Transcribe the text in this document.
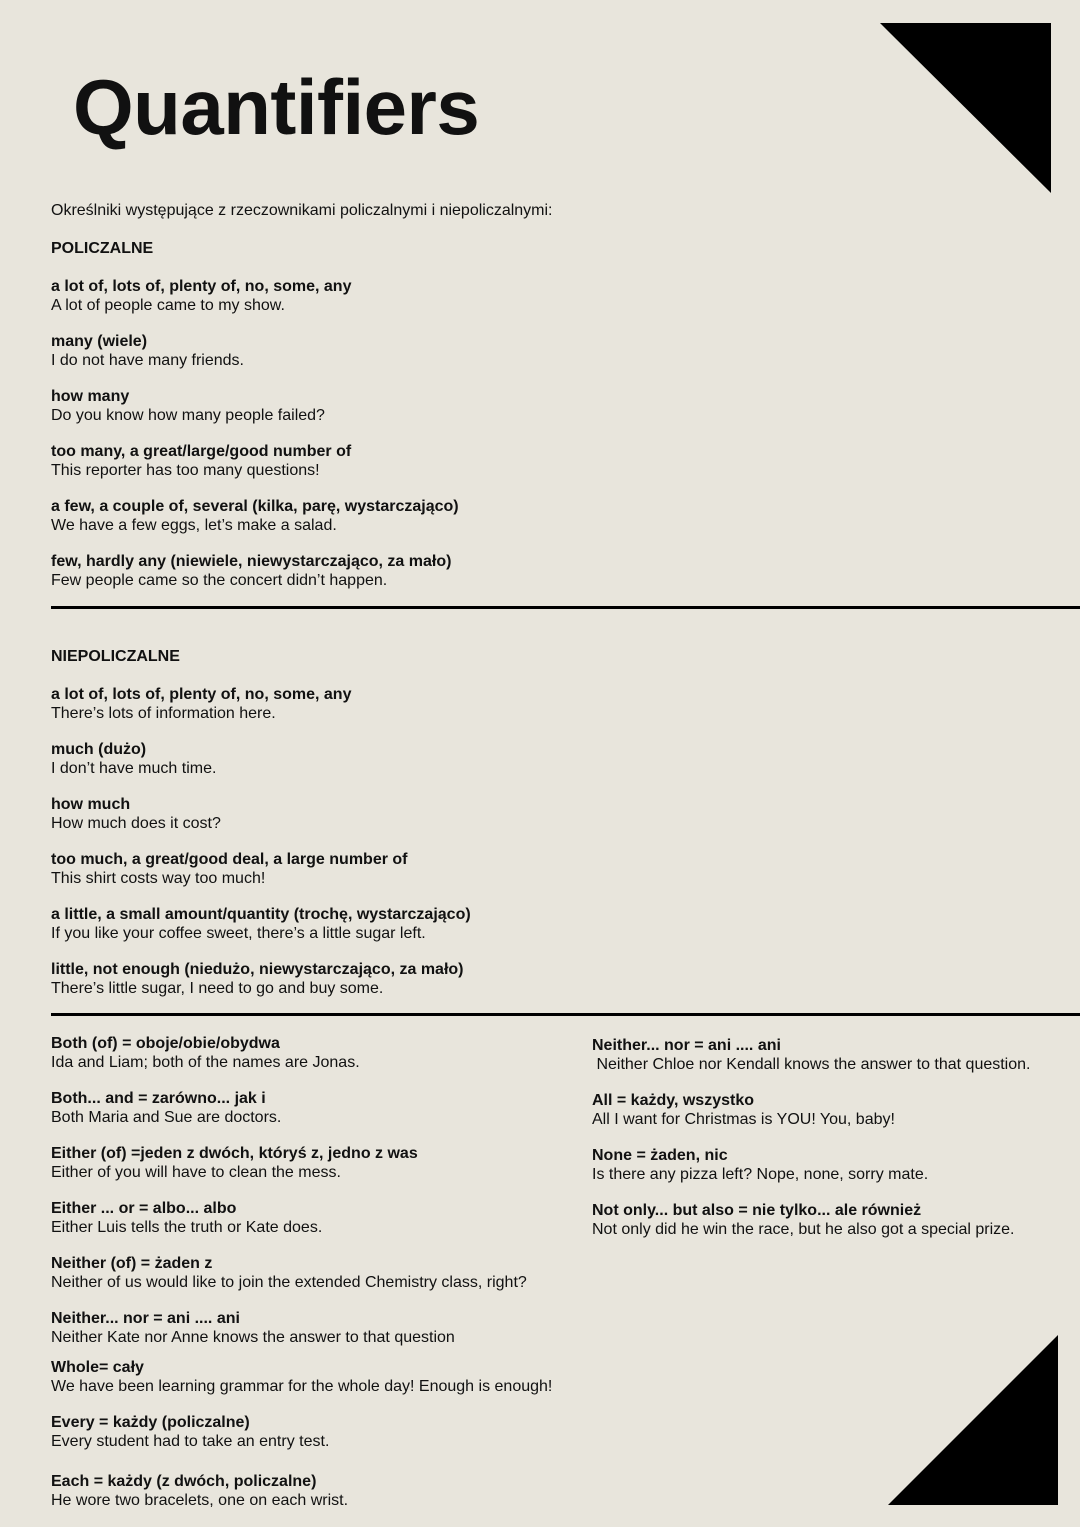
Quantifiers
Określniki występujące z rzeczownikami policzalnymi i niepoliczalnymi:
POLICZALNE
a lot of, lots of, plenty of, no, some, any
A lot of people came to my show.
many (wiele)
I do not have many friends.
how many
Do you know how many people failed?
too many, a great/large/good number of
This reporter has too many questions!
a few, a couple of, several (kilka, parę, wystarczająco)
We have a few eggs, let’s make a salad.
few, hardly any (niewiele, niewystarczająco, za mało)
Few people came so the concert didn’t happen.
NIEPOLICZALNE
a lot of, lots of, plenty of, no, some, any
There’s lots of information here.
much (dużo)
I don’t have much time.
how much
How much does it cost?
too much, a great/good deal, a large number of
This shirt costs way too much!
a little, a small amount/quantity (trochę, wystarczająco)
If you like your coffee sweet, there’s a little sugar left.
little, not enough (niedużo, niewystarczająco, za mało)
There’s little sugar, I need to go and buy some.
Both (of) = oboje/obie/obydwa
Ida and Liam; both of the names are Jonas.
Both... and = zarówno... jak i
Both Maria and Sue are doctors.
Either (of) =jeden z dwóch, któryś z, jedno z was
Either of you will have to clean the mess.
Either ... or = albo... albo
Either Luis tells the truth or Kate does.
Neither (of) = żaden z
Neither of us would like to join the extended Chemistry class, right?
Neither... nor = ani .... ani
Neither Kate nor Anne knows the answer to that question
Whole= cały
We have been learning grammar for the whole day! Enough is enough!
Every = każdy (policzalne)
Every student had to take an entry test.
Each = każdy (z dwóch, policzalne)
He wore two bracelets, one on each wrist.
Neither... nor = ani .... ani
Neither Chloe nor Kendall knows the answer to that question.
All = każdy, wszystko
All I want for Christmas is YOU! You, baby!
None = żaden, nic
Is there any pizza left? Nope, none, sorry mate.
Not only... but also = nie tylko... ale również
Not only did he win the race, but he also got a special prize.
